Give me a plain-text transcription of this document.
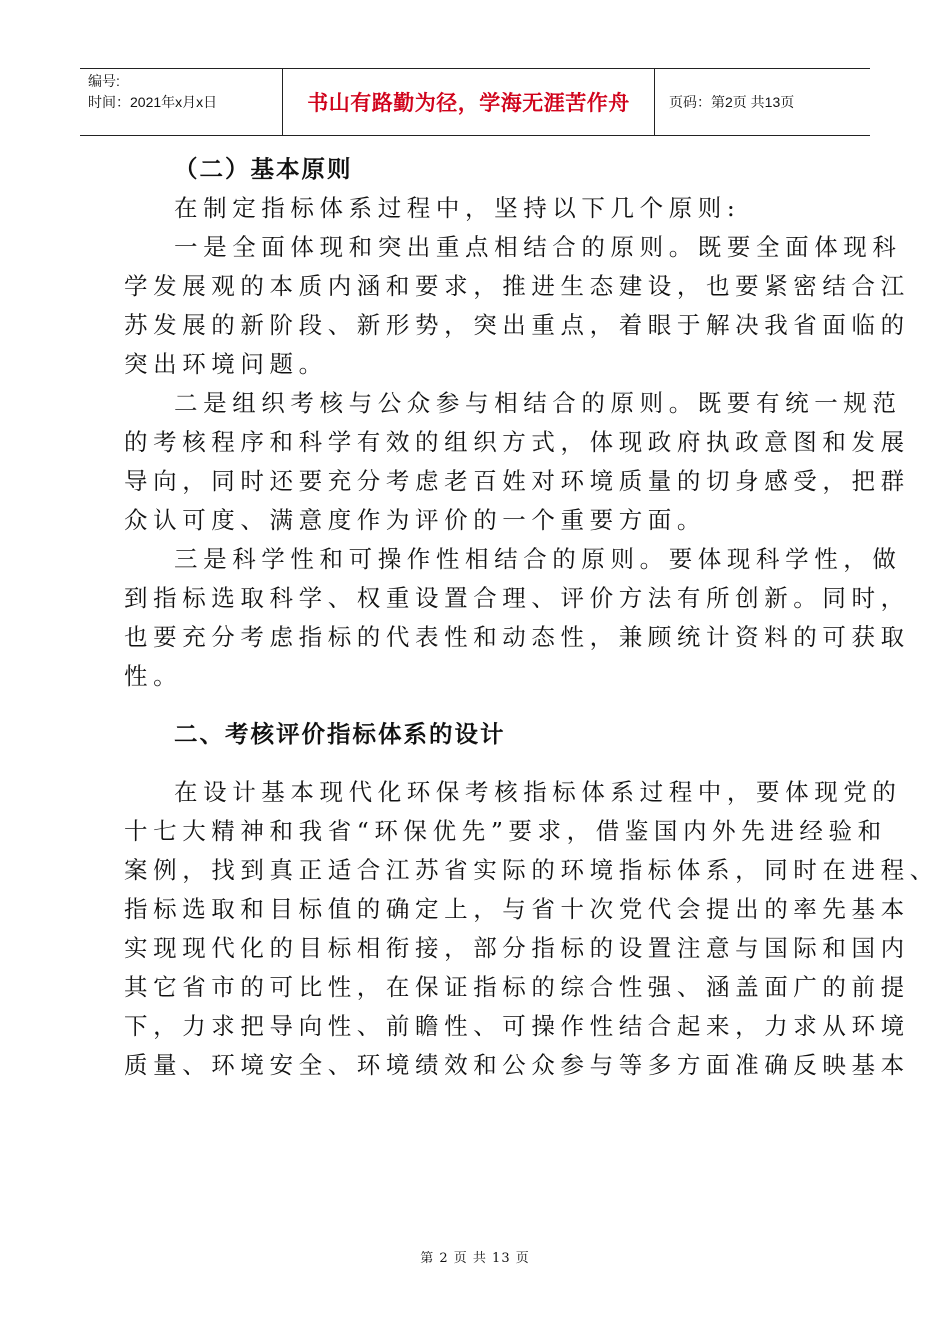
编号:
时间：2021年x月x日	书山有路勤为径，学海无涯苦作舟	页码：第2页 共13页
（二）基本原则
在制定指标体系过程中，坚持以下几个原则:
一是全面体现和突出重点相结合的原则。既要全面体现科
学发展观的本质内涵和要求，推进生态建设，也要紧密结合江
苏发展的新阶段、新形势，突出重点，着眼于解决我省面临的
突出环境问题。
二是组织考核与公众参与相结合的原则。既要有统一规范
的考核程序和科学有效的组织方式，体现政府执政意图和发展
导向，同时还要充分考虑老百姓对环境质量的切身感受，把群
众认可度、满意度作为评价的一个重要方面。
三是科学性和可操作性相结合的原则。要体现科学性，做
到指标选取科学、权重设置合理、评价方法有所创新。同时，
也要充分考虑指标的代表性和动态性，兼顾统计资料的可获取
性。
二、考核评价指标体系的设计
在设计基本现代化环保考核指标体系过程中，要体现党的
十七大精神和我省“环保优先”要求，借鉴国内外先进经验和
案例，找到真正适合江苏省实际的环境指标体系，同时在进程、
指标选取和目标值的确定上，与省十次党代会提出的率先基本
实现现代化的目标相衔接，部分指标的设置注意与国际和国内
其它省市的可比性，在保证指标的综合性强、涵盖面广的前提
下，力求把导向性、前瞻性、可操作性结合起来，力求从环境
质量、环境安全、环境绩效和公众参与等多方面准确反映基本
第 2 页 共 13 页
